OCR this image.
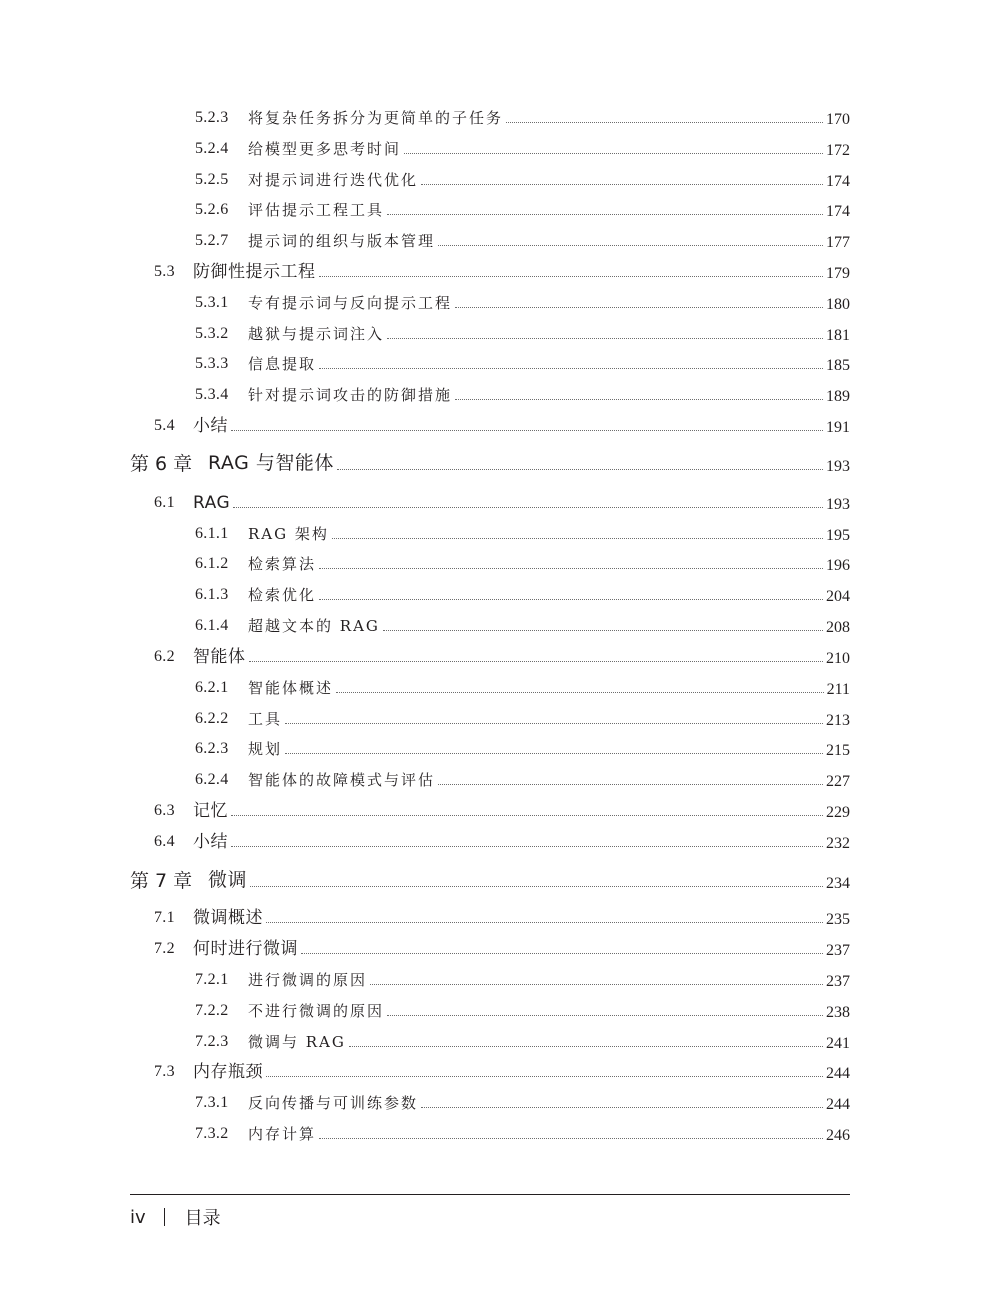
5.2.3 将复杂任务拆分为更简单的子任务	170
5.2.4 给模型更多思考时间	172
5.2.5 对提示词进行迭代优化	174
5.2.6 评估提示工程工具	174
5.2.7 提示词的组织与版本管理	177
5.3 防御性提示工程	179
5.3.1 专有提示词与反向提示工程	180
5.3.2 越狱与提示词注入	181
5.3.3 信息提取	185
5.3.4 针对提示词攻击的防御措施	189
5.4 小结	191
第 6 章 RAG 与智能体	193
6.1 RAG	193
6.1.1 RAG 架构	195
6.1.2 检索算法	196
6.1.3 检索优化	204
6.1.4 超越文本的 RAG	208
6.2 智能体	210
6.2.1 智能体概述	211
6.2.2 工具	213
6.2.3 规划	215
6.2.4 智能体的故障模式与评估	227
6.3 记忆	229
6.4 小结	232
第 7 章 微调	234
7.1 微调概述	235
7.2 何时进行微调	237
7.2.1 进行微调的原因	237
7.2.2 不进行微调的原因	238
7.2.3 微调与 RAG	241
7.3 内存瓶颈	244
7.3.1 反向传播与可训练参数	244
7.3.2 内存计算	246
iv 目录
